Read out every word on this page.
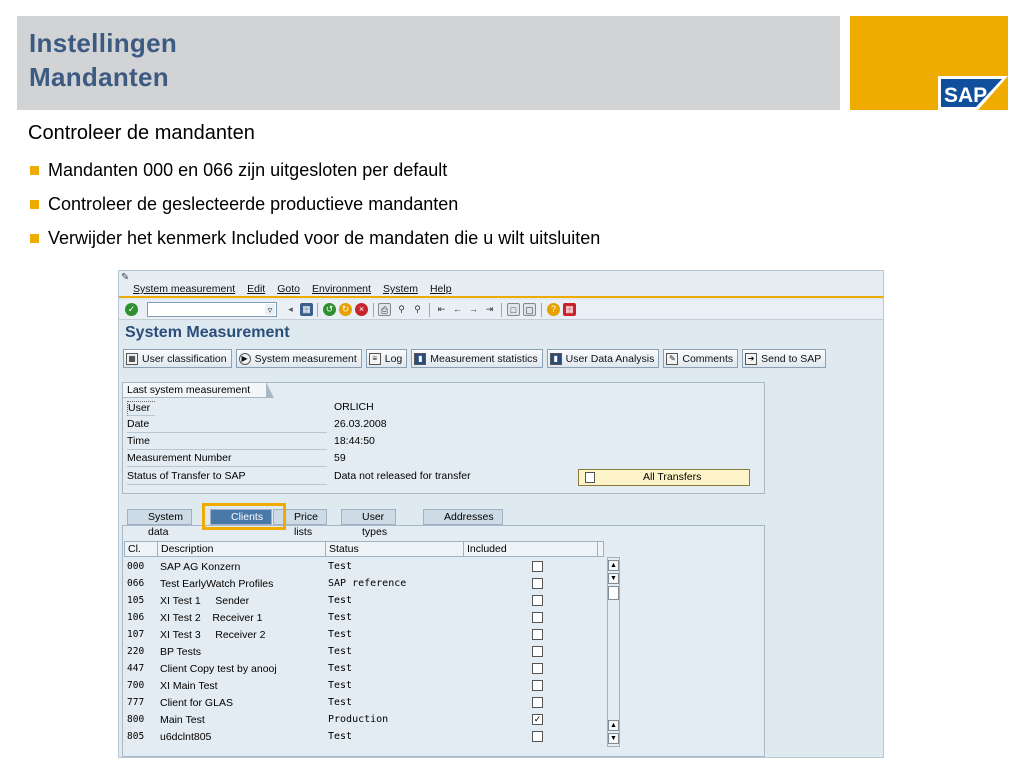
Instellingen
Mandanten
SAP
Controleer de mandanten
Mandanten 000 en 066 zijn uitgesloten per default
Controleer de geslecteerde productieve mandanten
Verwijder het kenmerk Included voor de mandaten die u wilt uitsluiten
✎
System measurement Edit Goto Environment System Help
✓	▿	◂	▦	↺ ↻	×	⎙	⚲	⚲	⇤ ← → ⇥	□	▢	?	▦
System Measurement
▦ User classification	▶ System measurement	≡ Log	▮ Measurement statistics	▮ User Data Analysis	✎ Comments	➜ Send to SAP
Last system measurement
User	ORLICH
Date	26.03.2008
Time	18:44:50
Measurement Number	59
Status of Transfer to SAP	Data not released for transfer	All Transfers
System data
Clients	Price lists
User types
Addresses
Cl.	Description	Status	Included
000 SAP AG Konzern	Test
066 Test EarlyWatch Profiles	SAP reference
105 XI Test 1     Sender	Test
106 XI Test 2    Receiver 1	Test
107 XI Test 3     Receiver 2	Test
220 BP Tests	Test
447 Client Copy test by anooj	Test
700 XI Main Test	Test
777 Client for GLAS	Test
800 Main Test	Production	✓
805 u6dclnt805	Test
▲
▼
▲
▼
